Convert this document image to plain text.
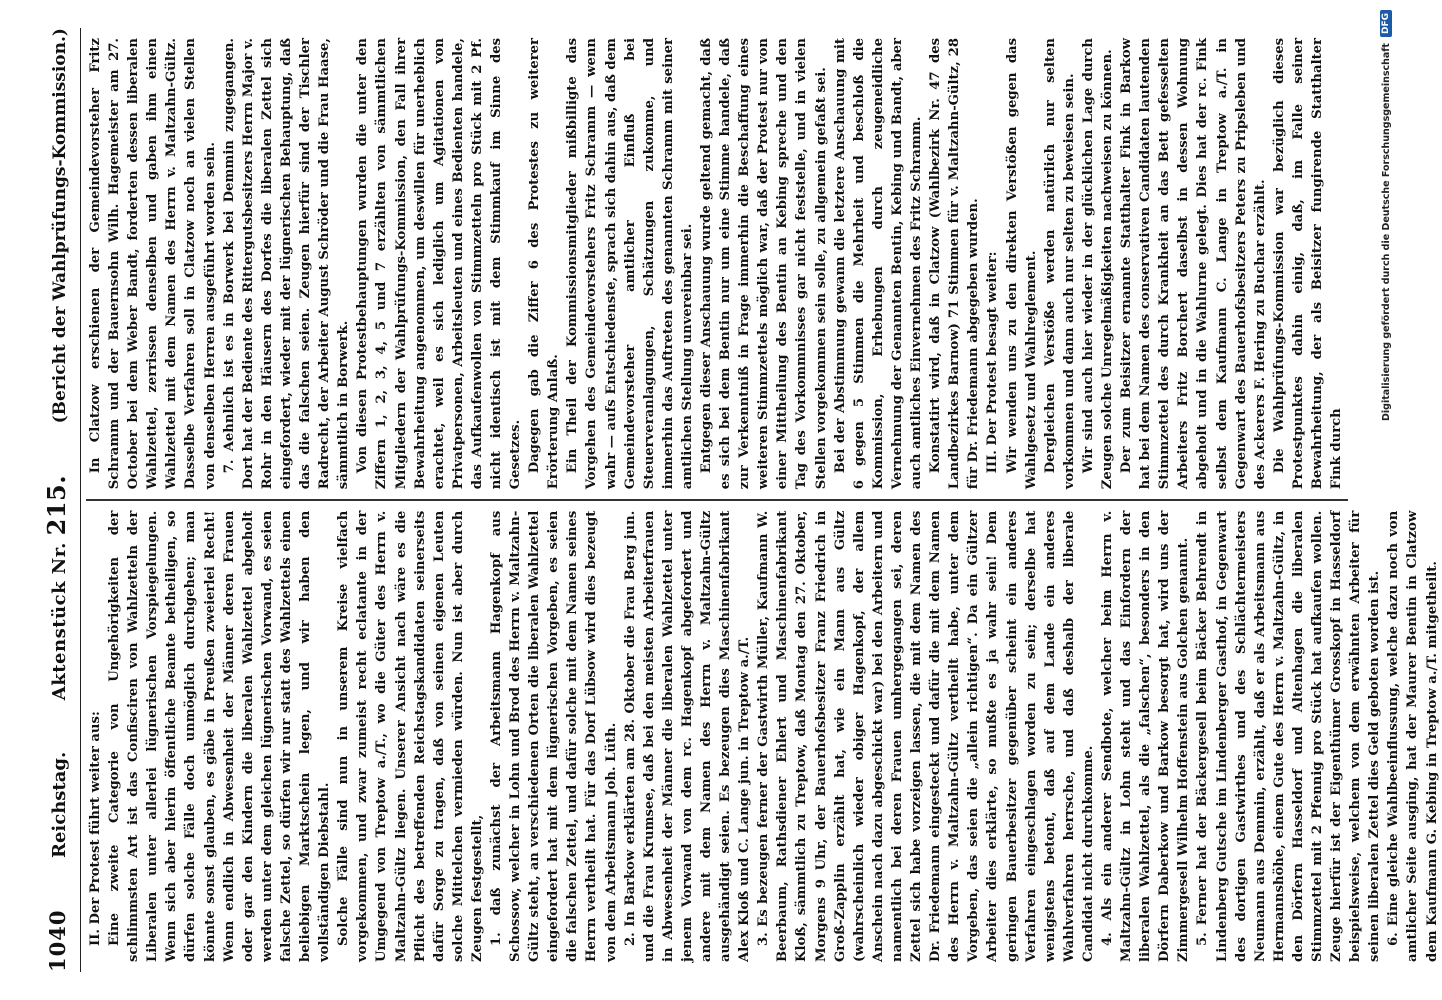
1040
Reichstag.
Aktenstück Nr. 215.
(Bericht der Wahlprüfungs-Kommission.)

II. Der Protest führt weiter aus: Eine zweite Categorie von Ungehörigkeiten der schlimmsten Art ist das Confisciren von Wahlzetteln der Liberalen unter allerlei lügnerischen Vorspiegelungen. Wenn sich aber hierin öffentliche Beamte betheiligen, so dürfen solche Fälle doch unmöglich durchgehen; man könnte sonst glauben, es gäbe in Preußen zweierlei Recht! Wenn endlich in Abwesenheit der Männer deren Frauen oder gar den Kindern die liberalen Wahlzettel abgeholt werden unter dem gleichen lügnerischen Vorwand, es seien falsche Zettel, so dürfen wir nur statt des Wahlzettels einen beliebigen Marktschein legen, und wir haben den vollständigen Diebstahl. Solche Fälle sind nun in unserem Kreise vielfach vorgekommen, und zwar zumeist recht eclatante in der Umgegend von Treptow a./T., wo die Güter des Herrn v. Maltzahn-Gültz liegen. Unserer Ansicht nach wäre es die Pflicht des betreffenden Reichstagskandidaten seinerseits dafür Sorge zu tragen, daß von seinen eigenen Leuten solche Mittelchen vermieden würden. Nun ist aber durch Zeugen festgestellt, 1. daß zunächst der Arbeitsmann Hagenkopf aus Schossow, welcher in Lohn und Brod des Herrn v. Maltzahn-Gültz steht, an verschiedenen Orten die liberalen Wahlzettel eingefordert hat mit dem lügnerischen Vorgeben, es seien die falschen Zettel, und dafür solche mit dem Namen seines Herrn vertheilt hat. Für das Dorf Lübsow wird dies bezeugt von dem Arbeitsmann Joh. Lüth. 2. In Barkow erklärten am 28. Oktober die Frau Berg jun. und die Frau Krumsee, daß bei den meisten Arbeiterfrauen in Abwesenheit der Männer die liberalen Wahlzettel unter jenem Vorwand von dem rc. Hagenkopf abgefordert und andere mit dem Namen des Herrn v. Maltzahn-Gültz ausgehändigt seien. Es bezeugen dies Maschinenfabrikant Alex Kloß und C. Lange jun. in Treptow a./T. 3. Es bezeugen ferner der Gastwirth Müller, Kaufmann W. Beerbaum, Rathsdiener Ehlert und Maschinenfabrikant Kloß, sämmtlich zu Treptow, daß Montag den 27. Oktober, Morgens 9 Uhr, der Bauerhofsbesitzer Franz Friedrich in Groß-Zapplin erzählt hat, wie ein Mann aus Gültz (wahrscheinlich wieder obiger Hagenkopf, der allem Anschein nach dazu abgeschickt war) bei den Arbeitern und namentlich bei deren Frauen umhergegangen sei, deren Zettel sich habe vorzeigen lassen, die mit dem Namen des Dr. Friedemann eingesteckt und dafür die mit dem Namen des Herrn v. Maltzahn-Gültz vertheilt habe, unter dem Vorgeben, das seien die „allein richtigen“. Da ein Gültzer Arbeiter dies erklärte, so mußte es ja wahr sein! Dem geringen Bauerbesitzer gegenüber scheint ein anderes Verfahren eingeschlagen worden zu sein; derselbe hat wenigstens betont, daß auf dem Lande ein anderes Wahlverfahren herrsche, und daß deshalb der liberale Candidat nicht durchkomme. 4. Als ein anderer Sendbote, welcher beim Herrn v. Maltzahn-Gültz in Lohn steht und das Einfordern der liberalen Wahlzettel, als die „falschen“, besonders in den Dörfern Daberkow und Barkow besorgt hat, wird uns der Zimmergesell Wilhelm Hoffenstein aus Golchen genannt. 5. Ferner hat der Bäckergesell beim Bäcker Behrendt in Lindenberg Gutsche im Lindenberger Gasthof, in Gegenwart des dortigen Gastwirthes und des Schlächtermeisters Neumann aus Demmin, erzählt, daß er als Arbeitsmann aus Hermannshöhe, einem Gute des Herrn v. Maltzahn-Gültz, in den Dörfern Hasseldorf und Altenhagen die liberalen Stimmzettel mit 2 Pfennig pro Stück hat aufkaufen wollen. Zeuge hierfür ist der Eigenthümer Grosskopf in Hasseldorf beispielsweise, welchem von dem erwähnten Arbeiter für seinen liberalen Zettel dies Geld geboten worden ist. 6. Eine gleiche Wahlbeeinflussung, welche dazu noch von amtlicher Seite ausging, hat der Maurer Bentin in Clatzow dem Kaufmann G. Kebing in Treptow a./T. mitgetheilt.

In Clatzow erschienen der Gemeindevorsteher Fritz Schramm und der Bauernsohn Wilh. Hagemeister am 27. October bei dem Weber Bandt, forderten dessen liberalen Wahlzettel, zerrissen denselben und gaben ihm einen Wahlzettel mit dem Namen des Herrn v. Maltzahn-Gültz. Dasselbe Verfahren soll in Clatzow noch an vielen Stellen von denselben Herren ausgeführt worden sein. 7. Aehnlich ist es in Borwerk bei Demmin zugegangen. Dort hat der Bediente des Rittergutsbesitzers Herrn Major v. Rohr in den Häusern des Dorfes die liberalen Zettel sich eingefordert, wieder mit der lügnerischen Behauptung, daß das die falschen seien. Zeugen hierfür sind der Tischler Radrecht, der Arbeiter August Schröder und die Frau Haase, sämmtlich in Borwerk. Von diesen Protestbehauptungen wurden die unter den Ziffern 1, 2, 3, 4, 5 und 7 erzählten von sämmtlichen Mitgliedern der Wahlprüfungs-Kommission, den Fall ihrer Bewahrheitung angenommen, um deswillen für unerheblich erachtet, weil es sich lediglich um Agitationen von Privatpersonen, Arbeitsleuten und eines Bedienten handele, das Aufkaufenwollen von Stimmzetteln pro Stück mit 2 Pf. nicht identisch ist mit dem Stimmkauf im Sinne des Gesetzes. Dagegen gab die Ziffer 6 des Protestes zu weiterer Erörterung Anlaß. Ein Theil der Kommissionsmitglieder mißbilligte das Vorgehen des Gemeindevorstehers Fritz Schramm — wenn wahr — aufs Entschiedenste, sprach sich dahin aus, daß dem Gemeindevorsteher amtlicher Einfluß bei Steuerveranlagungen, Schätzungen zukomme, und immerhin das Auftreten des genannten Schramm mit seiner amtlichen Stellung unvereinbar sei. Entgegen dieser Anschauung wurde geltend gemacht, daß es sich bei dem Bentin nur um eine Stimme handele, daß zur Verkenntniß in Frage immerhin die Beschaffung eines weiteren Stimmzettels möglich war, daß der Protest nur von einer Mittheilung des Bentin an Kebing spreche und den Tag des Vorkommnisses gar nicht feststelle, und in vielen Stellen vorgekommen sein solle, zu allgemein gefaßt sei. Bei der Abstimmung gewann die letztere Anschauung mit 6 gegen 5 Stimmen die Mehrheit und beschloß die Kommission, Erhebungen durch zeugeneidliche Vernehmung der Genannten Bentin, Kebing und Bandt, aber auch amtliches Einvernehmen des Fritz Schramm. Konstatirt wird, daß in Clatzow (Wahlbezirk Nr. 47 des Landbezirkes Barnow) 71 Stimmen für v. Maltzahn-Gültz, 28 für Dr. Friedemann abgegeben wurden. III. Der Protest besagt weiter: Wir wenden uns zu den direkten Verstößen gegen das Wahlgesetz und Wahlreglement. Dergleichen Verstöße werden natürlich nur selten vorkommen und dann auch nur selten zu beweisen sein. Wir sind auch hier wieder in der glücklichen Lage durch Zeugen solche Unregelmäßigkeiten nachweisen zu können. Der zum Beisitzer ernannte Statthalter Fink in Barkow hat bei dem Namen des conservativen Candidaten lautenden Stimmzettel des durch Krankheit an das Bett gefesselten Arbeiters Fritz Borchert daselbst in dessen Wohnung abgeholt und in die Wahlurne gelegt. Dies hat der rc. Fink selbst dem Kaufmann C. Lange in Treptow a./T. in Gegenwart des Bauerhofsbesitzers Peters zu Pripsleben und des Ackerers F. Hering zu Buchar erzählt. Die Wahlprüfungs-Kommission war bezüglich dieses Protestpunktes dahin einig, daß, im Falle seiner Bewahrheitung, der als Beisitzer fungirende Statthalter Fink durch

Digitalisierung gefördert durch die Deutsche Forschungsgemeinschaft
DFG
